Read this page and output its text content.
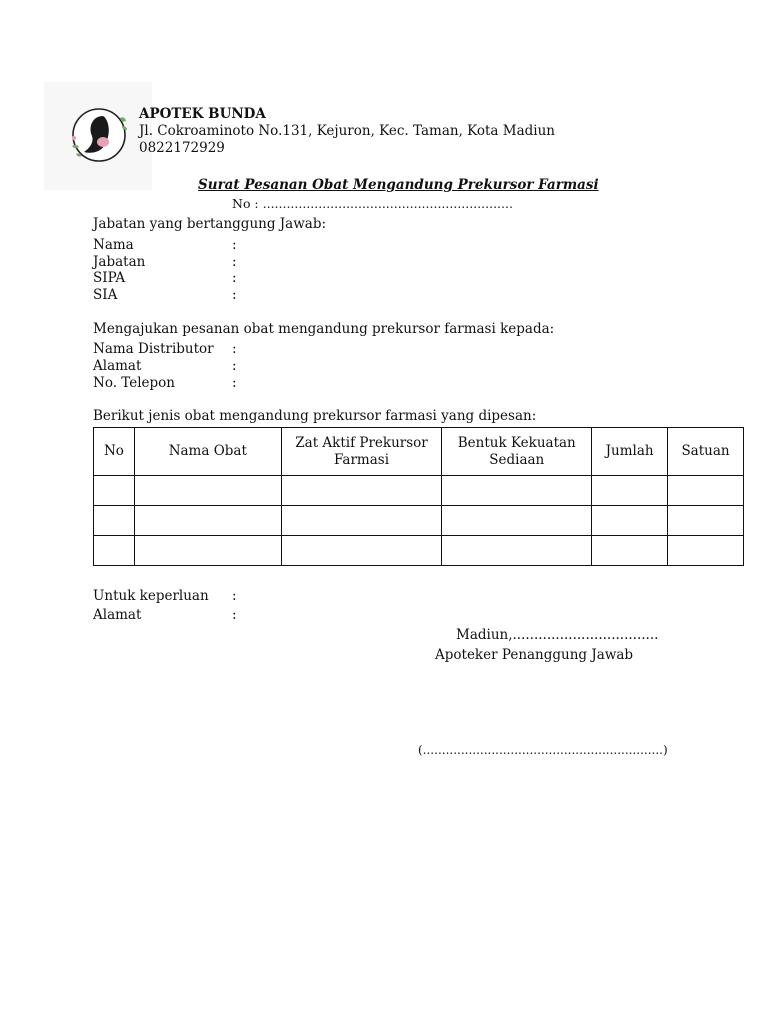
APOTEK BUNDA
Jl. Cokroaminoto No.131, Kejuron, Kec. Taman, Kota Madiun
0822172929
Surat Pesanan Obat Mengandung Prekursor Farmasi
No : ...............................................................
Jabatan yang bertanggung Jawab:
Nama	:
Jabatan	:
SIPA	:
SIA	:
Mengajukan pesanan obat mengandung prekursor farmasi kepada:
Nama Distributor :
Alamat	:
No. Telepon	:
Berikut jenis obat mengandung prekursor farmasi yang dipesan:
No	Nama Obat	Zat Aktif Prekursor Farmasi	Bentuk Kekuatan Sediaan	Jumlah	Satuan

Untuk keperluan :
Alamat	:
Madiun,..................................
Apoteker Penanggung Jawab
(...............................................................)
